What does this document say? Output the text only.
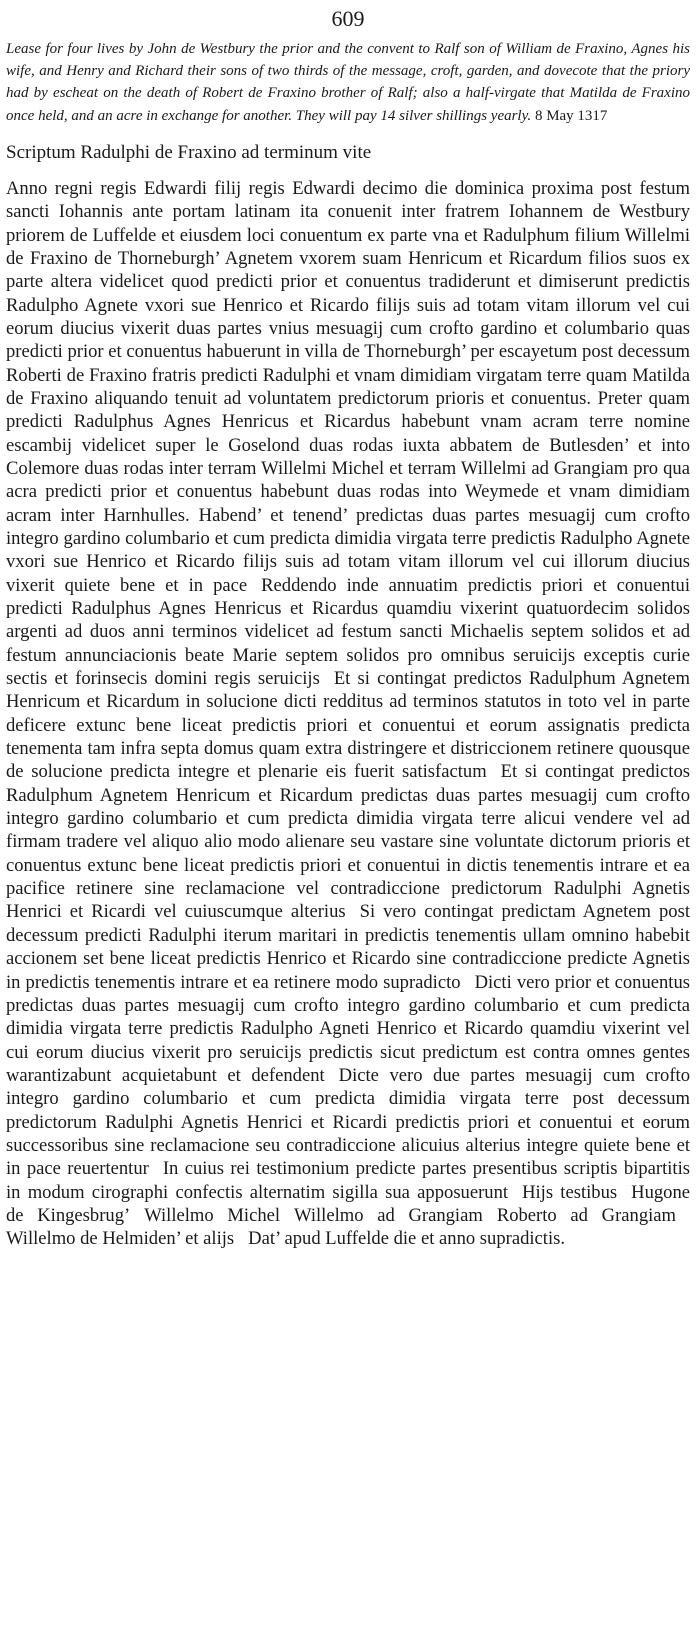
609

Lease for four lives by John de Westbury the prior and the convent to Ralf son of William de Fraxino, Agnes his wife, and Henry and Richard their sons of two thirds of the message, croft, garden, and dovecote that the priory had by escheat on the death of Robert de Fraxino brother of Ralf; also a half-virgate that Matilda de Fraxino once held, and an acre in exchange for another. They will pay 14 silver shillings yearly. 8 May 1317

Scriptum Radulphi de Fraxino ad terminum vite

Anno regni regis Edwardi filij regis Edwardi decimo die dominica proxima post festum sancti Iohannis ante portam latinam ita conuenit inter fratrem Iohannem de Westbury priorem de Luffelde et eiusdem loci conuentum ex parte vna et Radulphum filium Willelmi de Fraxino de Thorneburgh’ Agnetem vxorem suam Henricum et Ricardum filios suos ex parte altera videlicet quod predicti prior et conuentus tradiderunt et dimiserunt predictis Radulpho Agnete vxori sue Henrico et Ricardo filijs suis ad totam vitam illorum vel cui eorum diucius vixerit duas partes vnius mesuagij cum crofto gardino et columbario quas predicti prior et conuentus habuerunt in villa de Thorneburgh’ per escayetum post decessum Roberti de Fraxino fratris predicti Radulphi et vnam dimidiam virgatam terre quam Matilda de Fraxino aliquando tenuit ad voluntatem predictorum prioris et conuentus. Preter quam predicti Radulphus Agnes Henricus et Ricardus habebunt vnam acram terre nomine escambij videlicet super le Goselond duas rodas iuxta abbatem de Butlesden’ et into Colemore duas rodas inter terram Willelmi Michel et terram Willelmi ad Grangiam pro qua acra predicti prior et conuentus habebunt duas rodas into Weymede et vnam dimidiam acram inter Harnhulles. Habend’ et tenend’ predictas duas partes mesuagij cum crofto integro gardino columbario et cum predicta dimidia virgata terre predictis Radulpho Agnete vxori sue Henrico et Ricardo filijs suis ad totam vitam illorum vel cui illorum diucius vixerit quiete bene et in pace Reddendo inde annuatim predictis priori et conuentui predicti Radulphus Agnes Henricus et Ricardus quamdiu vixerint quatuordecim solidos argenti ad duos anni terminos videlicet ad festum sancti Michaelis septem solidos et ad festum annunciacionis beate Marie septem solidos pro omnibus seruicijs exceptis curie sectis et forinsecis domini regis seruicijs Et si contingat predictos Radulphum Agnetem Henricum et Ricardum in solucione dicti redditus ad terminos statutos in toto vel in parte deficere extunc bene liceat predictis priori et conuentui et eorum assignatis predicta tenementa tam infra septa domus quam extra distringere et districcionem retinere quousque de solucione predicta integre et plenarie eis fuerit satisfactum Et si contingat predictos Radulphum Agnetem Henricum et Ricardum predictas duas partes mesuagij cum crofto integro gardino columbario et cum predicta dimidia virgata terre alicui vendere vel ad firmam tradere vel aliquo alio modo alienare seu vastare sine voluntate dictorum prioris et conuentus extunc bene liceat predictis priori et conuentui in dictis tenementis intrare et ea pacifice retinere sine reclamacione vel contradiccione predictorum Radulphi Agnetis Henrici et Ricardi vel cuiuscumque alterius Si vero contingat predictam Agnetem post decessum predicti Radulphi iterum maritari in predictis tenementis ullam omnino habebit accionem set bene liceat predictis Henrico et Ricardo sine contradiccione predicte Agnetis in predictis tenementis intrare et ea retinere modo supradicto Dicti vero prior et conuentus predictas duas partes mesuagij cum crofto integro gardino columbario et cum predicta dimidia virgata terre predictis Radulpho Agneti Henrico et Ricardo quamdiu vixerint vel cui eorum diucius vixerit pro seruicijs predictis sicut predictum est contra omnes gentes warantizabunt acquietabunt et defendent Dicte vero due partes mesuagij cum crofto integro gardino columbario et cum predicta dimidia virgata terre post decessum predictorum Radulphi Agnetis Henrici et Ricardi predictis priori et conuentui et eorum successoribus sine reclamacione seu contradiccione alicuius alterius integre quiete bene et in pace reuertentur In cuius rei testimonium predicte partes presentibus scriptis bipartitis in modum cirographi confectis alternatim sigilla sua apposuerunt Hijs testibus Hugone de Kingesbrug’ Willelmo Michel Willelmo ad Grangiam Roberto ad GrangiamWillelmo de Helmiden’ et alijs Dat’ apud Luffelde die et anno supradictis.
